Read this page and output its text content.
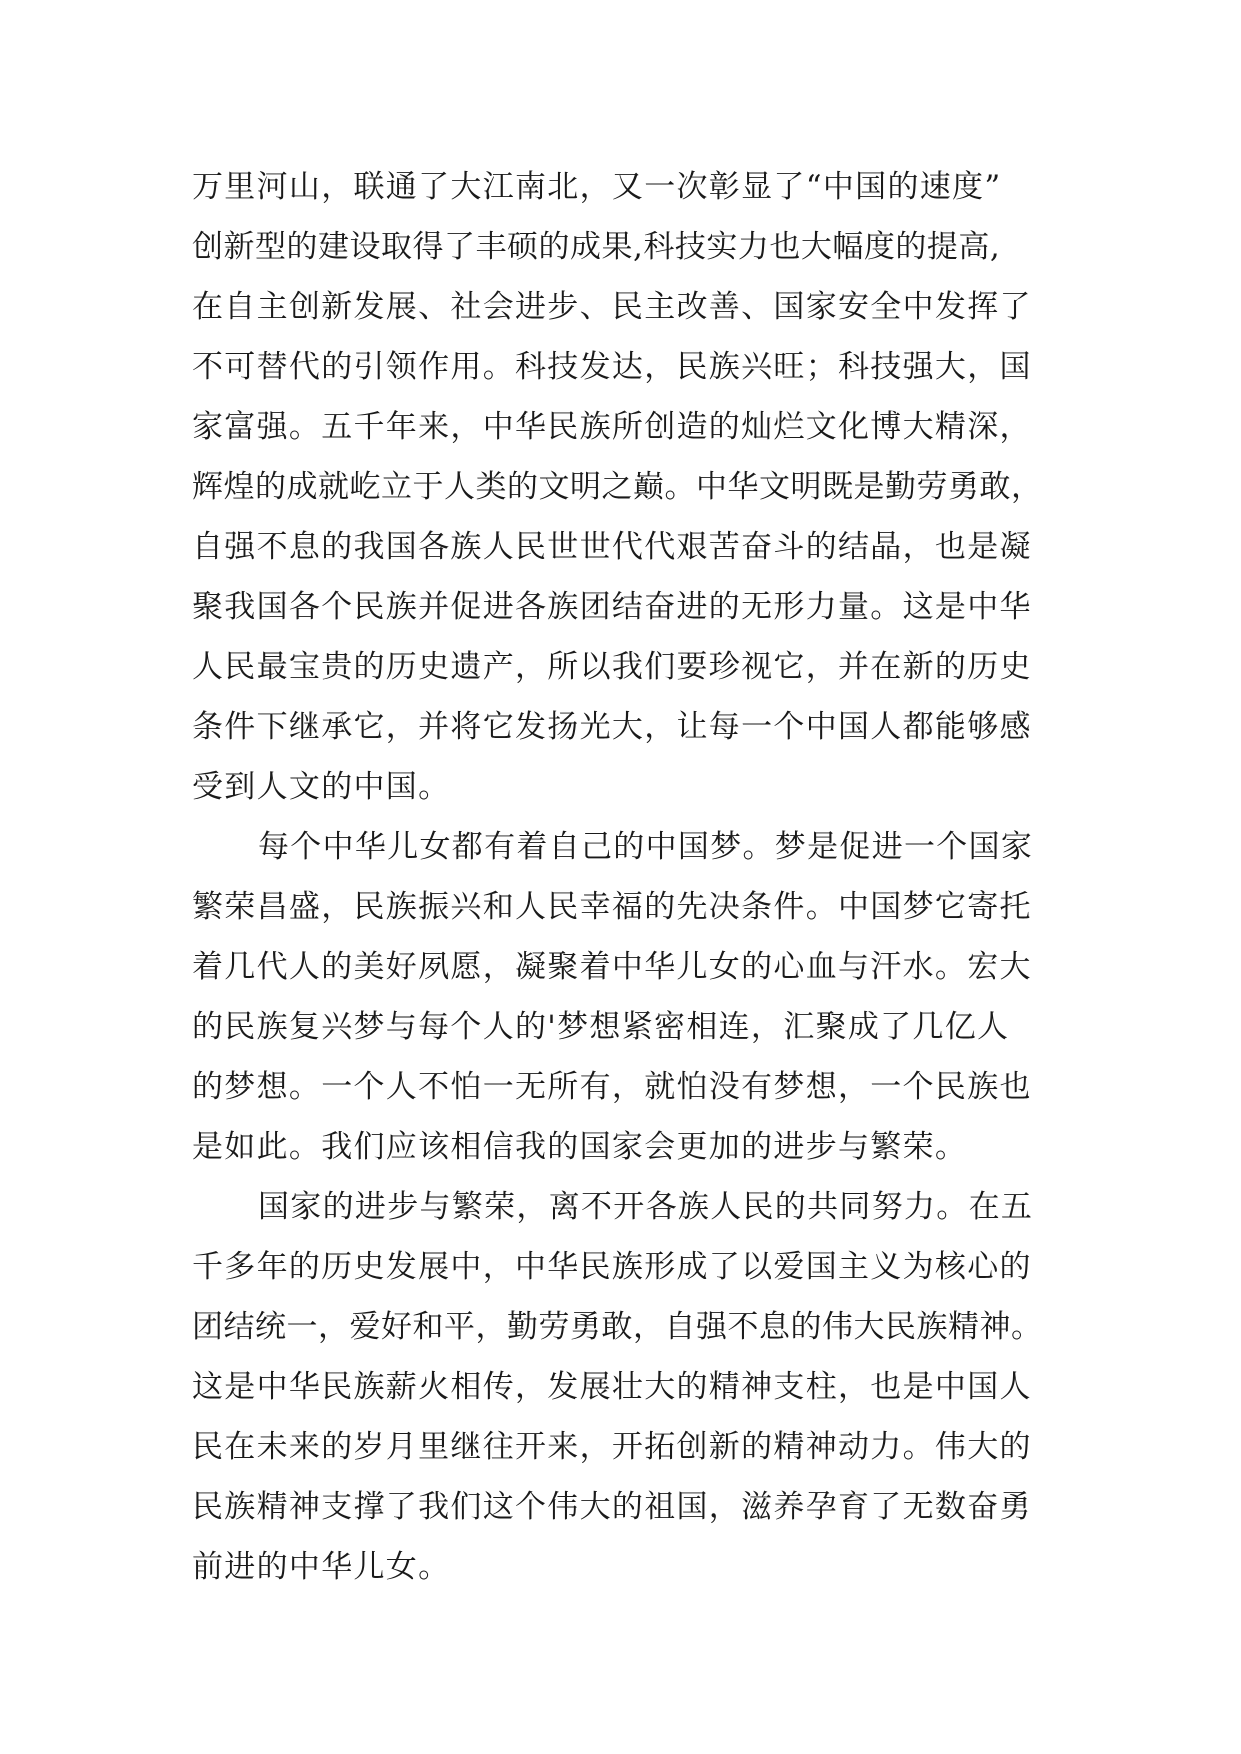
万里河山，联通了大江南北，又一次彰显了“中国的速度”
创新型的建设取得了丰硕的成果,科技实力也大幅度的提高,
在自主创新发展、社会进步、民主改善、国家安全中发挥了
不可替代的引领作用。科技发达，民族兴旺；科技强大，国
家富强。五千年来，中华民族所创造的灿烂文化博大精深，
辉煌的成就屹立于人类的文明之巅。中华文明既是勤劳勇敢，
自强不息的我国各族人民世世代代艰苦奋斗的结晶，也是凝
聚我国各个民族并促进各族团结奋进的无形力量。这是中华
人民最宝贵的历史遗产，所以我们要珍视它，并在新的历史
条件下继承它，并将它发扬光大，让每一个中国人都能够感
受到人文的中国。
每个中华儿女都有着自己的中国梦。梦是促进一个国家
繁荣昌盛，民族振兴和人民幸福的先决条件。中国梦它寄托
着几代人的美好夙愿，凝聚着中华儿女的心血与汗水。宏大
的民族复兴梦与每个人的'梦想紧密相连，汇聚成了几亿人
的梦想。一个人不怕一无所有，就怕没有梦想，一个民族也
是如此。我们应该相信我的国家会更加的进步与繁荣。
国家的进步与繁荣，离不开各族人民的共同努力。在五
千多年的历史发展中，中华民族形成了以爱国主义为核心的
团结统一，爱好和平，勤劳勇敢，自强不息的伟大民族精神。
这是中华民族薪火相传，发展壮大的精神支柱，也是中国人
民在未来的岁月里继往开来，开拓创新的精神动力。伟大的
民族精神支撑了我们这个伟大的祖国，滋养孕育了无数奋勇
前进的中华儿女。
